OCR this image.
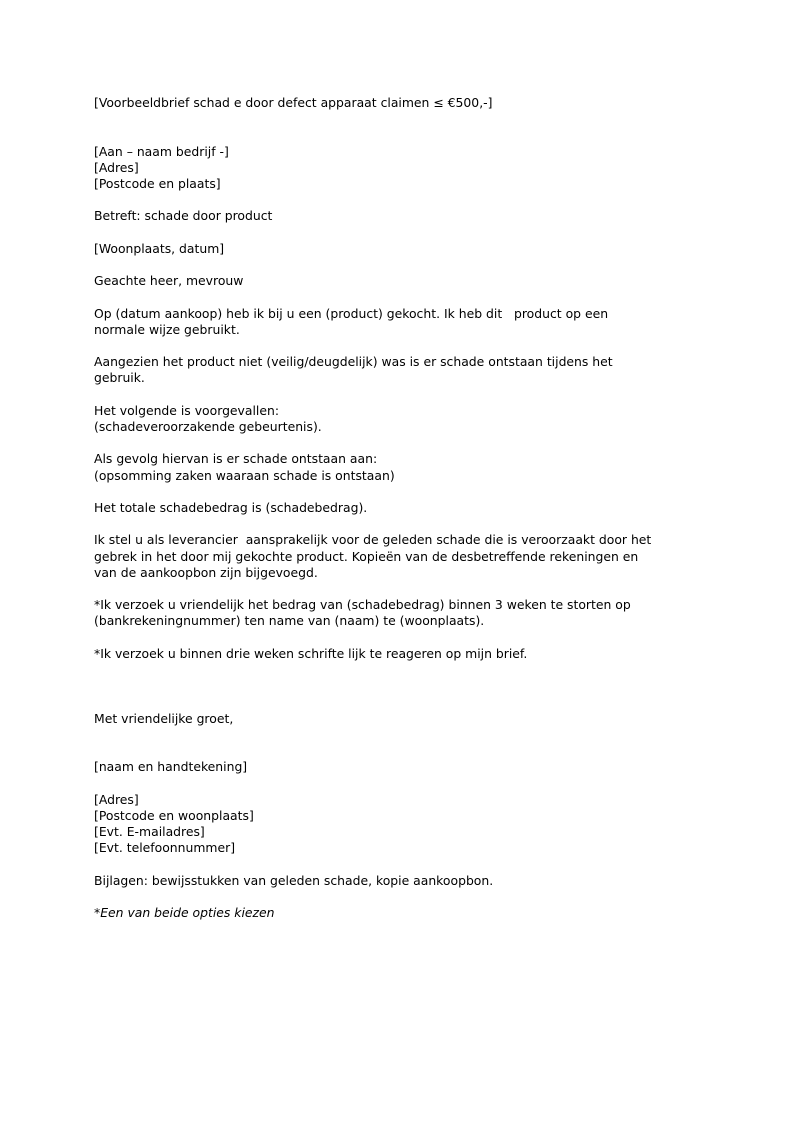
[Voorbeeldbrief schad e door defect apparaat claimen ≤ €500,-]
[Aan – naam bedrijf -]
[Adres]
[Postcode en plaats]
Betreft: schade door product
[Woonplaats, datum]
Geachte heer, mevrouw
Op (datum aankoop) heb ik bij u een (product) gekocht. Ik heb dit   product op een
normale wijze gebruikt.
Aangezien het product niet (veilig/deugdelijk) was is er schade ontstaan tijdens het
gebruik.
Het volgende is voorgevallen:
(schadeveroorzakende gebeurtenis).
Als gevolg hiervan is er schade ontstaan aan:
(opsomming zaken waaraan schade is ontstaan)
Het totale schadebedrag is (schadebedrag).
Ik stel u als leverancier  aansprakelijk voor de geleden schade die is veroorzaakt door het
gebrek in het door mij gekochte product. Kopieën van de desbetreffende rekeningen en
van de aankoopbon zijn bijgevoegd.
*Ik verzoek u vriendelijk het bedrag van (schadebedrag) binnen 3 weken te storten op
(bankrekeningnummer) ten name van (naam) te (woonplaats).
*Ik verzoek u binnen drie weken schrifte lijk te reageren op mijn brief.
Met vriendelijke groet,
[naam en handtekening]
[Adres]
[Postcode en woonplaats]
[Evt. E-mailadres]
[Evt. telefoonnummer]
Bijlagen: bewijsstukken van geleden schade, kopie aankoopbon.
*Een van beide opties kiezen
